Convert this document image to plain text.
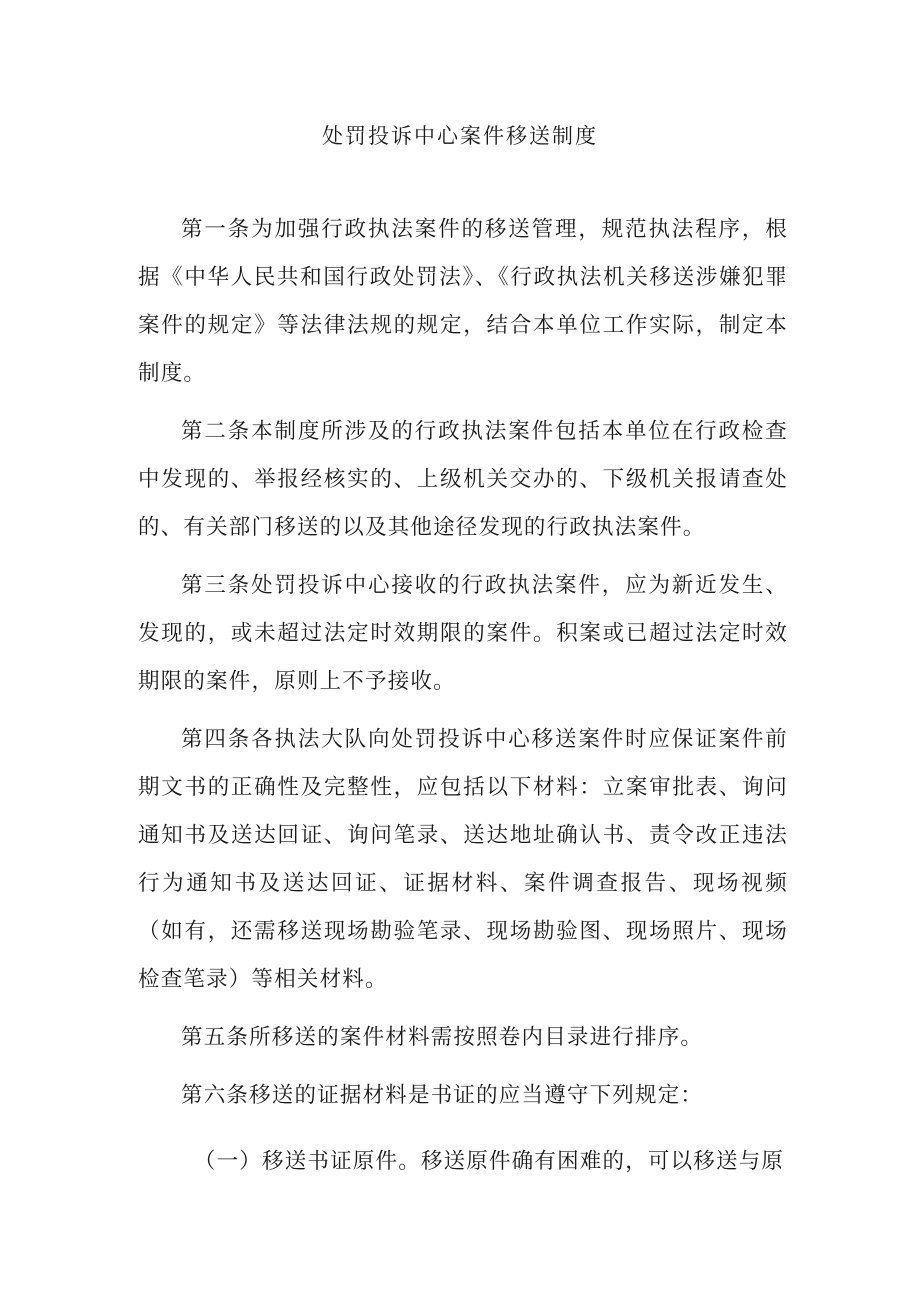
处罚投诉中心案件移送制度

第一条为加强行政执法案件的移送管理，规范执法程序，根据《中华人民共和国行政处罚法》、《行政执法机关移送涉嫌犯罪案件的规定》等法律法规的规定，结合本单位工作实际，制定本制度。

第二条本制度所涉及的行政执法案件包括本单位在行政检查中发现的、举报经核实的、上级机关交办的、下级机关报请查处的、有关部门移送的以及其他途径发现的行政执法案件。

第三条处罚投诉中心接收的行政执法案件，应为新近发生、发现的，或未超过法定时效期限的案件。积案或已超过法定时效期限的案件，原则上不予接收。

第四条各执法大队向处罚投诉中心移送案件时应保证案件前期文书的正确性及完整性，应包括以下材料：立案审批表、询问通知书及送达回证、询问笔录、送达地址确认书、责令改正违法行为通知书及送达回证、证据材料、案件调查报告、现场视频（如有，还需移送现场勘验笔录、现场勘验图、现场照片、现场检查笔录）等相关材料。

第五条所移送的案件材料需按照卷内目录进行排序。

第六条移送的证据材料是书证的应当遵守下列规定：

（一）移送书证原件。移送原件确有困难的，可以移送与原
